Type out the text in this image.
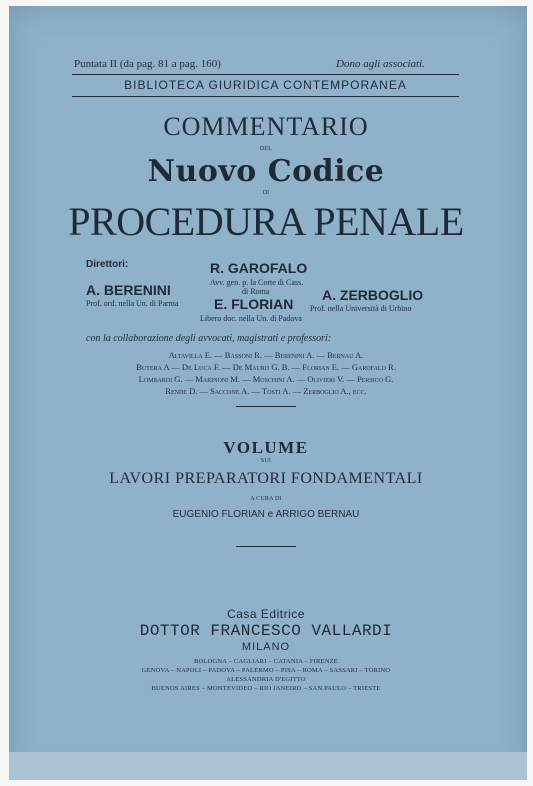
Puntata II (da pag. 81 a pag. 160)	Dono agli associati.
BIBLIOTECA GIURIDICA CONTEMPORANEA
COMMENTARIO
DEL
Nuovo Codice
DI
PROCEDURA PENALE
Direttori:	R. GAROFALO
Avv. gen. p. la Corte di Cass.
di Roma
A. BERENINI
Prof. ord. nella Un. di Parma
A. ZERBOGLIO
Prof. nella Università di Urbino
E. FLORIAN
Libero doc. nella Un. di Padova
con la collaborazione degli avvocati, magistrati e professori:
Altavilla E. — Bassoni R. — Berenini A. — Bernau A.
Butera A — De Luca F. — De Mauro G. B. — Florian E. — Garofalo R.
Lombardi G. — Marinoni M. — Moschini A. — Olivieri V. — Persico G.
Rende D. — Saccone A. — Tosti A. — Zerboglio A., ecc.
VOLUME
SUI
LAVORI PREPARATORI FONDAMENTALI
A CURA DI
EUGENIO FLORIAN e ARRIGO BERNAU
Casa Editrice
DOTTOR FRANCESCO VALLARDI
MILANO
BOLOGNA – CAGLIARI – CATANIA – FIRENZE
GENOVA – NAPOLI – PADOVA – PALERMO – PISA – ROMA – SASSARI – TORINO
ALESSANDRIA D'EGITTO
BUENOS AIRES – MONTEVIDEO – RIO JANEIRO – SAN PAULO – TRIESTE
